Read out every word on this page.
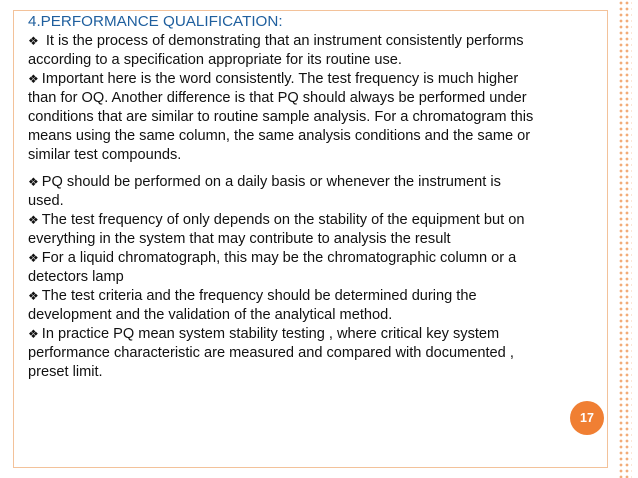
4.PERFORMANCE QUALIFICATION:

❖ It is the process of demonstrating that an instrument consistently performs
according to a specification appropriate for its routine use.

❖ Important here is the word consistently. The test frequency is much higher
than for OQ. Another difference is that PQ should always be performed under
conditions that are similar to routine sample analysis. For a chromatogram this
means using the same column, the same analysis conditions and the same or
similar test compounds.

❖ PQ should be performed on a daily basis or whenever the instrument is
used.

❖ The test frequency of only depends on the stability of the equipment but on
everything in the system that may contribute to analysis the result

❖ For a liquid chromatograph, this may be the chromatographic column or a
detectors lamp

❖ The test criteria and the frequency should be determined during the
development and the validation of the analytical method.

❖ In practice PQ mean system stability testing , where critical key system
performance characteristic are measured and compared with documented ,
preset limit.

17
